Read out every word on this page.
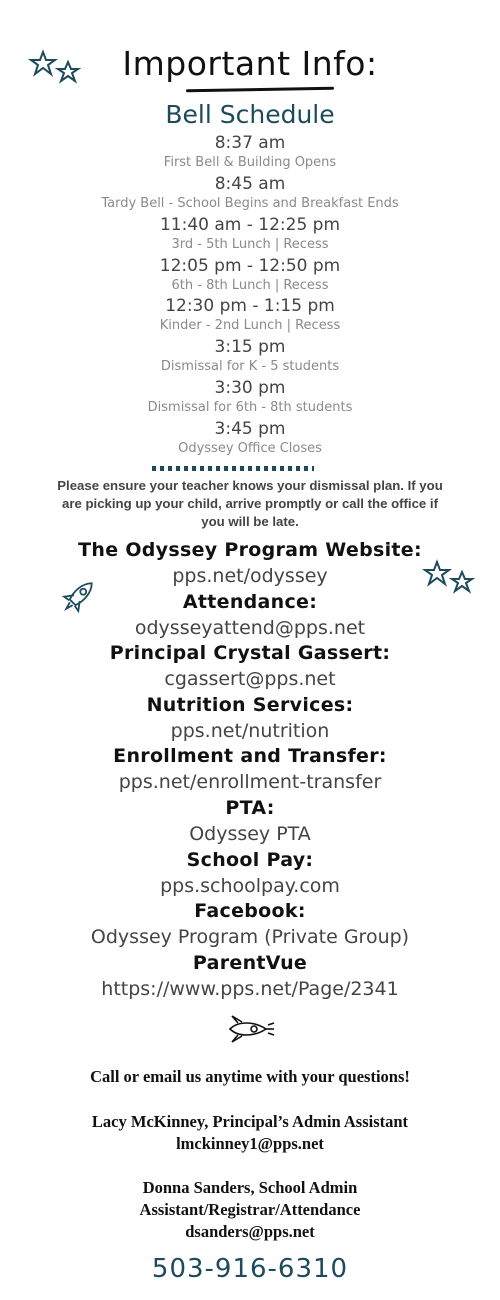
Important Info:
Bell Schedule
8:37 am
First Bell & Building Opens
8:45 am
Tardy Bell - School Begins and Breakfast Ends
11:40 am - 12:25 pm
3rd - 5th Lunch | Recess
12:05 pm - 12:50 pm
6th - 8th Lunch | Recess
12:30 pm - 1:15 pm
Kinder - 2nd Lunch | Recess
3:15 pm
Dismissal for K - 5 students
3:30 pm
Dismissal for 6th - 8th students
3:45 pm
Odyssey Office Closes
Please ensure your teacher knows your dismissal plan. If you are picking up your child, arrive promptly or call the office if you will be late.
The Odyssey Program Website:
pps.net/odyssey
Attendance:
odysseyattend@pps.net
Principal Crystal Gassert:
cgassert@pps.net
Nutrition Services:
pps.net/nutrition
Enrollment and Transfer:
pps.net/enrollment-transfer
PTA:
Odyssey PTA
School Pay:
pps.schoolpay.com
Facebook:
Odyssey Program (Private Group)
ParentVue
https://www.pps.net/Page/2341
Call or email us anytime with your questions!
Lacy McKinney, Principal’s Admin Assistant
lmckinney1@pps.net
Donna Sanders, School Admin
Assistant/Registrar/Attendance
dsanders@pps.net
503-916-6310
